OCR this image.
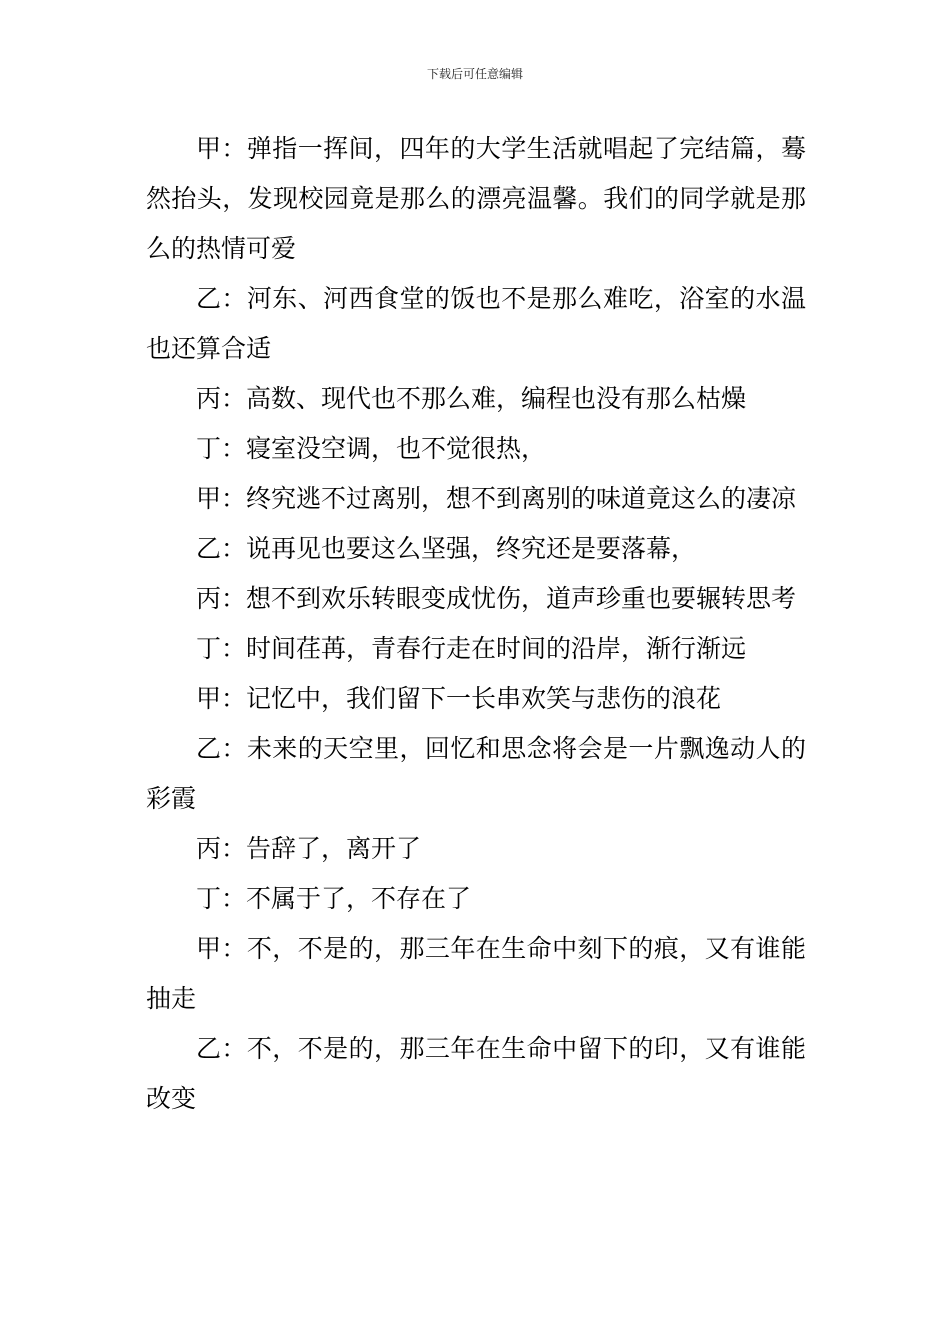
下载后可任意编辑

甲：弹指一挥间，四年的大学生活就唱起了完结篇，蓦然抬头，发现校园竟是那么的漂亮温馨。我们的同学就是那么的热情可爱

乙：河东、河西食堂的饭也不是那么难吃，浴室的水温也还算合适

丙：高数、现代也不那么难，编程也没有那么枯燥

丁：寝室没空调，也不觉很热，

甲：终究逃不过离别，想不到离别的味道竟这么的凄凉

乙：说再见也要这么坚强，终究还是要落幕，

丙：想不到欢乐转眼变成忧伤，道声珍重也要辗转思考

丁：时间荏苒，青春行走在时间的沿岸，渐行渐远

甲：记忆中，我们留下一长串欢笑与悲伤的浪花

乙：未来的天空里，回忆和思念将会是一片飘逸动人的彩霞

丙：告辞了，离开了

丁：不属于了，不存在了

甲：不，不是的，那三年在生命中刻下的痕，又有谁能抽走

乙：不，不是的，那三年在生命中留下的印，又有谁能改变
